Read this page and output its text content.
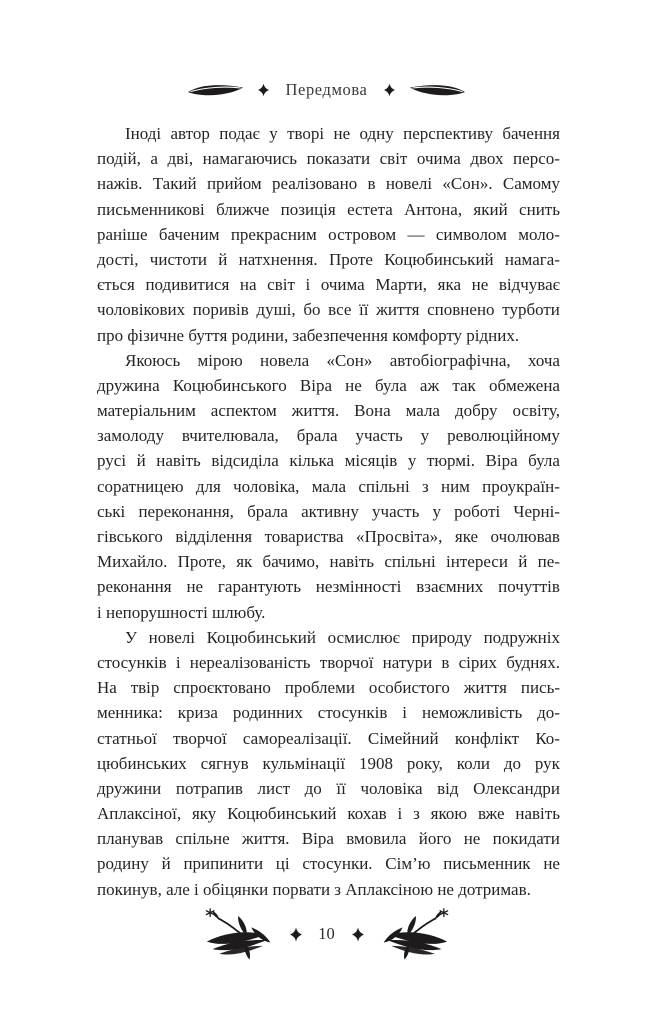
Передмова
Іноді автор подає у творі не одну перспективу бачення
подій, а дві, намагаючись показати світ очима двох персо-
нажів. Такий прийом реалізовано в новелі «Сон». Самому
письменникові ближче позиція естета Антона, який снить
раніше баченим прекрасним островом — символом моло-
дості, чистоти й натхнення. Проте Коцюбинський намага-
ється подивитися на світ і очима Марти, яка не відчуває
чоловікових поривів душі, бо все її життя сповнено турботи
про фізичне буття родини, забезпечення комфорту рідних.
Якоюсь мірою новела «Сон» автобіографічна, хоча
дружина Коцюбинського Віра не була аж так обмежена
матеріальним аспектом життя. Вона мала добру освіту,
замолоду вчителювала, брала участь у революційному
русі й навіть відсиділа кілька місяців у тюрмі. Віра була
соратницею для чоловіка, мала спільні з ним проукраїн-
ські переконання, брала активну участь у роботі Черні-
гівського відділення товариства «Просвіта», яке очолював
Михайло. Проте, як бачимо, навіть спільні інтереси й пе-
реконання не гарантують незмінності взаємних почуттів
і непорушності шлюбу.
У новелі Коцюбинський осмислює природу подружніх
стосунків і нереалізованість творчої натури в сірих буднях.
На твір спроєктовано проблеми особистого життя пись-
менника: криза родинних стосунків і неможливість до-
статньої творчої самореалізації. Сімейний конфлікт Ко-
цюбинських сягнув кульмінації 1908 року, коли до рук
дружини потрапив лист до її чоловіка від Олександри
Аплаксіної, яку Коцюбинський кохав і з якою вже навіть
планував спільне життя. Віра вмовила його не покидати
родину й припинити ці стосунки. Сім’ю письменник не
покинув, але і обіцянки порвати з Аплаксіною не дотримав.
10
